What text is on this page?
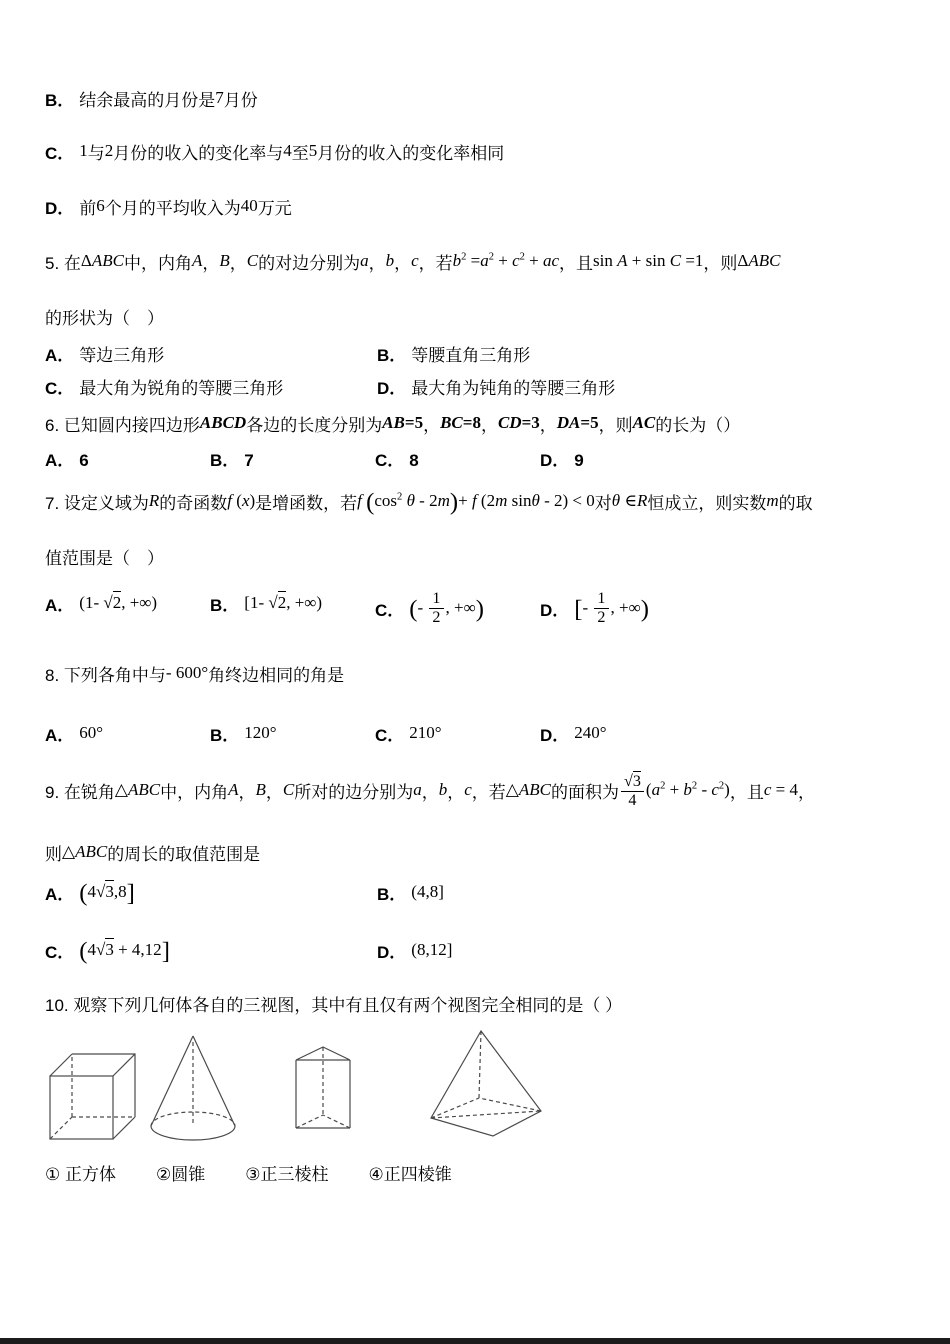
B． 结余最高的月份是7月份
C． 1与2月份的收入的变化率与4至5月份的收入的变化率相同
D． 前6个月的平均收入为40万元
5. 在ΔABC中，内角A，B，C的对边分别为a，b，c，若$b^2 =a^2 + c^2$ + ac，且sin A + sin C =1，则ΔABC
的形状为（　）
A． 等边三角形	B． 等腰直角三角形
C． 最大角为锐角的等腰三角形	D． 最大角为钝角的等腰三角形
6. 已知圆内接四边形ABCD各边的长度分别为AB=5，BC=8，CD=3，DA=5，则AC的长为（）
A． 6	B． 7	C． 8	D． 9
7. 设定义域为R的奇函数f (x)是增函数，若f ($\cos^2$ θ - 2m)+ f (2m sinθ - 2) < 0对θ ∈R恒成立，则实数m的取
值范围是（　）
A． (1- √2, +∞)	B． [1- √2, +∞)	C． (- $\frac{1}{2}$ , +∞)	D． [- $\frac{1}{2}$ , +∞)
8. 下列各角中与- 600°角终边相同的角是
A． 60°	B． 120°	C． 210°	D． 240°
9. 在锐角△ABC中，内角A，B，C所对的边分别为a，b，c，若△ABC的面积为 $\frac{√3}{4} (a^2 + b^2 - c^2)$，且c = 4，
则△ABC的周长的取值范围是
A． (4√3,8]	B． (4,8]
C． (4√3 + 4,12]	D． (8,12]
10. 观察下列几何体各自的三视图，其中有且仅有两个视图完全相同的是（ ）
① 正方体 ②圆锥 ③正三棱柱 ④正四棱锥
